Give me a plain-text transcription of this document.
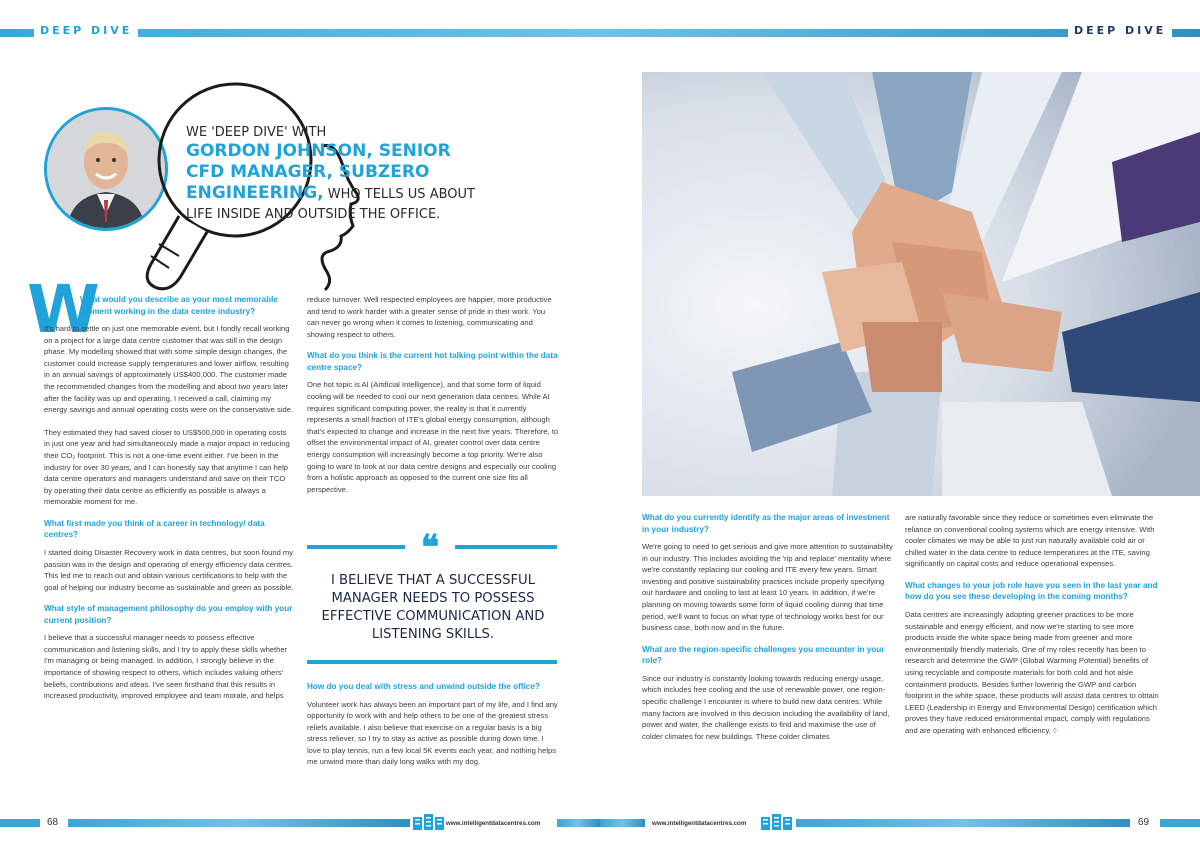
DEEP DIVE	DEEP DIVE
WE 'DEEP DIVE' WITH
GORDON JOHNSON, SENIOR
CFD MANAGER, SUBZERO
ENGINEERING, WHO TELLS US ABOUT
LIFE INSIDE AND OUTSIDE THE OFFICE.
W

What would you describe as your most memorable moment working in the data centre industry?

It's hard to settle on just one memorable event, but I fondly recall working on a project for a large data centre customer that was still in the design phase. My modelling showed that with some simple design changes, the customer could increase supply temperatures and lower airflow, resulting in an annual savings of approximately US$400,000. The customer made the recommended changes from the modelling and about two years later after the facility was up and operating, I received a call, claiming my energy savings and annual operating costs were on the conservative side.

They estimated they had saved closer to US$500,000 in operating costs in just one year and had simultaneously made a major impact in reducing their CO₂ footprint. This is not a one-time event either. I've been in the industry for over 30 years, and I can honestly say that anytime I can help data centre operators and managers understand and save on their TCO by operating their data centre as efficiently as possible is always a memorable moment for me.

What first made you think of a career in technology/ data centres?

I started doing Disaster Recovery work in data centres, but soon found my passion was in the design and operating of energy efficiency data centres. This led me to reach out and obtain various certifications to help with the goal of helping our industry become as sustainable and green as possible.

What style of management philosophy do you employ with your current position?

I believe that a successful manager needs to possess effective communication and listening skills, and I try to apply these skills whether I'm managing or being managed. In addition, I strongly believe in the importance of showing respect to others, which includes valuing others' beliefs, contributions and ideas. I've seen firsthand that this results in increased productivity, improved employee and team morale, and helps

reduce turnover. Well respected employees are happier, more productive and tend to work harder with a greater sense of pride in their work. You can never go wrong when it comes to listening, communicating and showing respect to others.

What do you think is the current hot talking point within the data centre space?

One hot topic is AI (Artificial Intelligence), and that some form of liquid cooling will be needed to cool our next generation data centres. While AI requires significant computing power, the reality is that it currently represents a small fraction of ITE's global energy consumption, although that's expected to change and increase in the next five years. Therefore, to offset the environmental impact of AI, greater control over data centre energy consumption will increasingly become a top priority. We're also going to want to look at our data centre designs and especially our cooling from a holistic approach as opposed to the current one size fits all perspective.

❝
I BELIEVE THAT A SUCCESSFUL MANAGER NEEDS TO POSSESS EFFECTIVE COMMUNICATION AND LISTENING SKILLS.

How do you deal with stress and unwind outside the office?

Volunteer work has always been an important part of my life, and I find any opportunity to work with and help others to be one of the greatest stress reliefs available. I also believe that exercise on a regular basis is a big stress reliever, so I try to stay as active as possible during down time. I love to play tennis, run a few local 5K events each year, and nothing helps me unwind more than daily long walks with my dog.

What do you currently identify as the major areas of investment in your industry?

We're going to need to get serious and give more attention to sustainability in our industry. This includes avoiding the 'rip and replace' mentality where we're constantly replacing our cooling and ITE every few years. Smart investing and positive sustainability practices include properly specifying our hardware and cooling to last at least 10 years. In addition, if we're planning on moving towards some form of liquid cooling during that time period, we'll want to focus on what type of technology works best for our business case, both now and in the future.

What are the region-specific challenges you encounter in your role?

Since our industry is constantly looking towards reducing energy usage, which includes free cooling and the use of renewable power, one region-specific challenge I encounter is where to build new data centres. While many factors are involved in this decision including the availability of land, power and water, the challenge exists to find and maximise the use of colder climates for new buildings. These colder climates

are naturally favorable since they reduce or sometimes even eliminate the reliance on conventional cooling systems which are energy intensive. With cooler climates we may be able to just run naturally available cold air or chilled water in the data centre to reduce temperatures at the ITE, saving significantly on capital costs and reduce operational expenses.

What changes to your job role have you seen in the last year and how do you see these developing in the coming months?

Data centres are increasingly adopting greener practices to be more sustainable and energy efficient, and now we're starting to see more products inside the white space being made from greener and more environmentally friendly materials. One of my roles recently has been to research and determine the GWP (Global Warming Potential) benefits of using recyclable and composite materials for both cold and hot aisle containment products. Besides further lowering the GWP and carbon footprint in the white space, these products will assist data centres to obtain LEED (Leadership in Energy and Environmental Design) certification which proves they have reduced environmental impact, comply with regulations and are operating with enhanced efficiency. ◊

68	www.intelligentdatacentres.com	www.intelligentdatacentres.com	69
